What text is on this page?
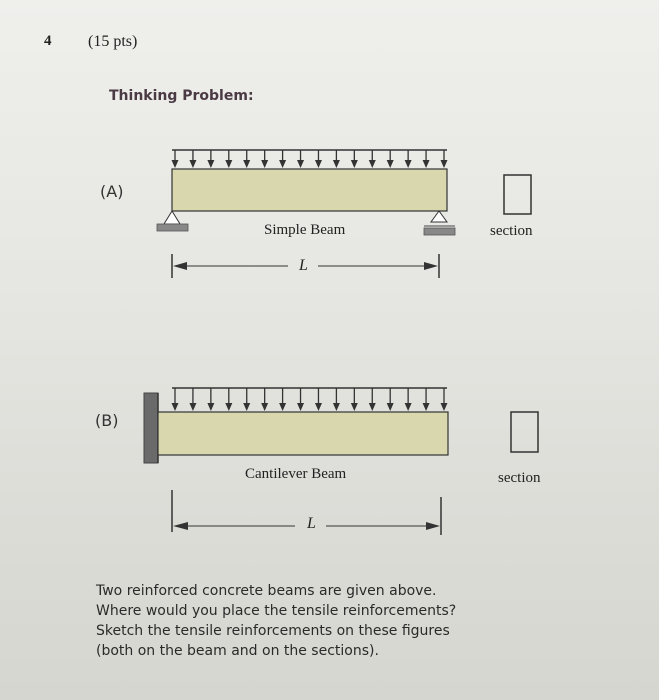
4 (15 pts)
Thinking Problem:
(A)
Simple Beam	section
L
(B)
Cantilever Beam	section
L
Two reinforced concrete beams are given above.
Where would you place the tensile reinforcements?
Sketch the tensile reinforcements on these figures
(both on the beam and on the sections).
